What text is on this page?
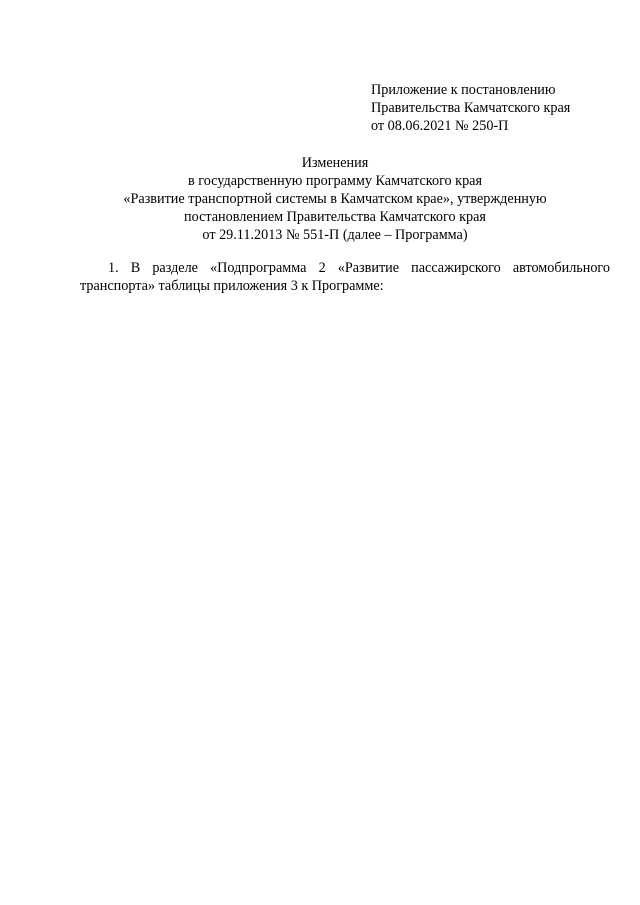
Приложение к постановлению
Правительства Камчатского края
от 08.06.2021 № 250-П
Изменения
в государственную программу Камчатского края
«Развитие транспортной системы в Камчатском крае», утвержденную
постановлением Правительства Камчатского края
от 29.11.2013 № 551-П (далее – Программа)
1. В разделе «Подпрограмма 2 «Развитие пассажирского автомобильного
транспорта» таблицы приложения 3 к Программе:
